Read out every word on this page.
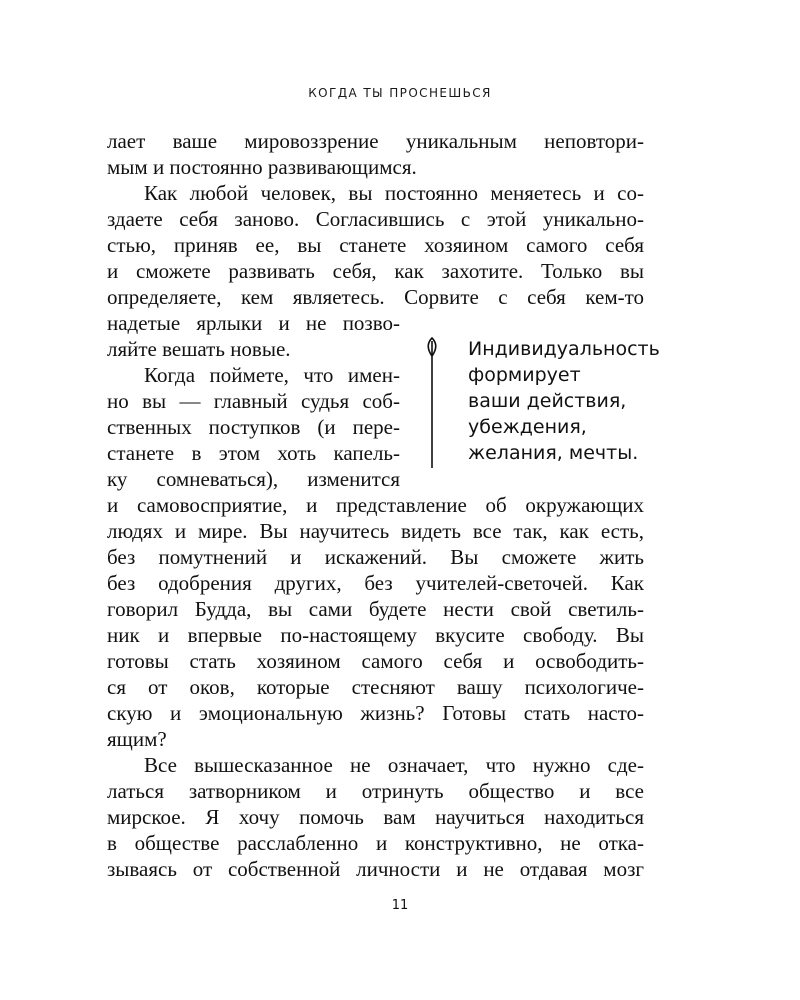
КОГДА ТЫ ПРОСНЕШЬСЯ
лает ваше мировоззрение уникальным неповтори-
мым и постоянно развивающимся.
Как любой человек, вы постоянно меняетесь и со-
здаете себя заново. Согласившись с этой уникально-
стью, приняв ее, вы станете хозяином самого себя
и сможете развивать себя, как захотите. Только вы
определяете, кем являетесь. Сорвите с себя кем-то
надетые ярлыки и не позво-
ляйте вешать новые.
Когда поймете, что имен-
но вы — главный судья соб-
ственных поступков (и пере-
станете в этом хоть капель-
ку сомневаться), изменится
и самовосприятие, и представление об окружающих
людях и мире. Вы научитесь видеть все так, как есть,
без помутнений и искажений. Вы сможете жить
без одобрения других, без учителей-светочей. Как
говорил Будда, вы сами будете нести свой светиль-
ник и впервые по-настоящему вкусите свободу. Вы
готовы стать хозяином самого себя и освободить-
ся от оков, которые стесняют вашу психологиче-
скую и эмоциональную жизнь? Готовы стать насто-
ящим?
Все вышесказанное не означает, что нужно сде-
латься затворником и отринуть общество и все
мирское. Я хочу помочь вам научиться находиться
в обществе расслабленно и конструктивно, не отка-
зываясь от собственной личности и не отдавая мозг
Индивидуальность
формирует
ваши действия,
убеждения,
желания, мечты.
11
